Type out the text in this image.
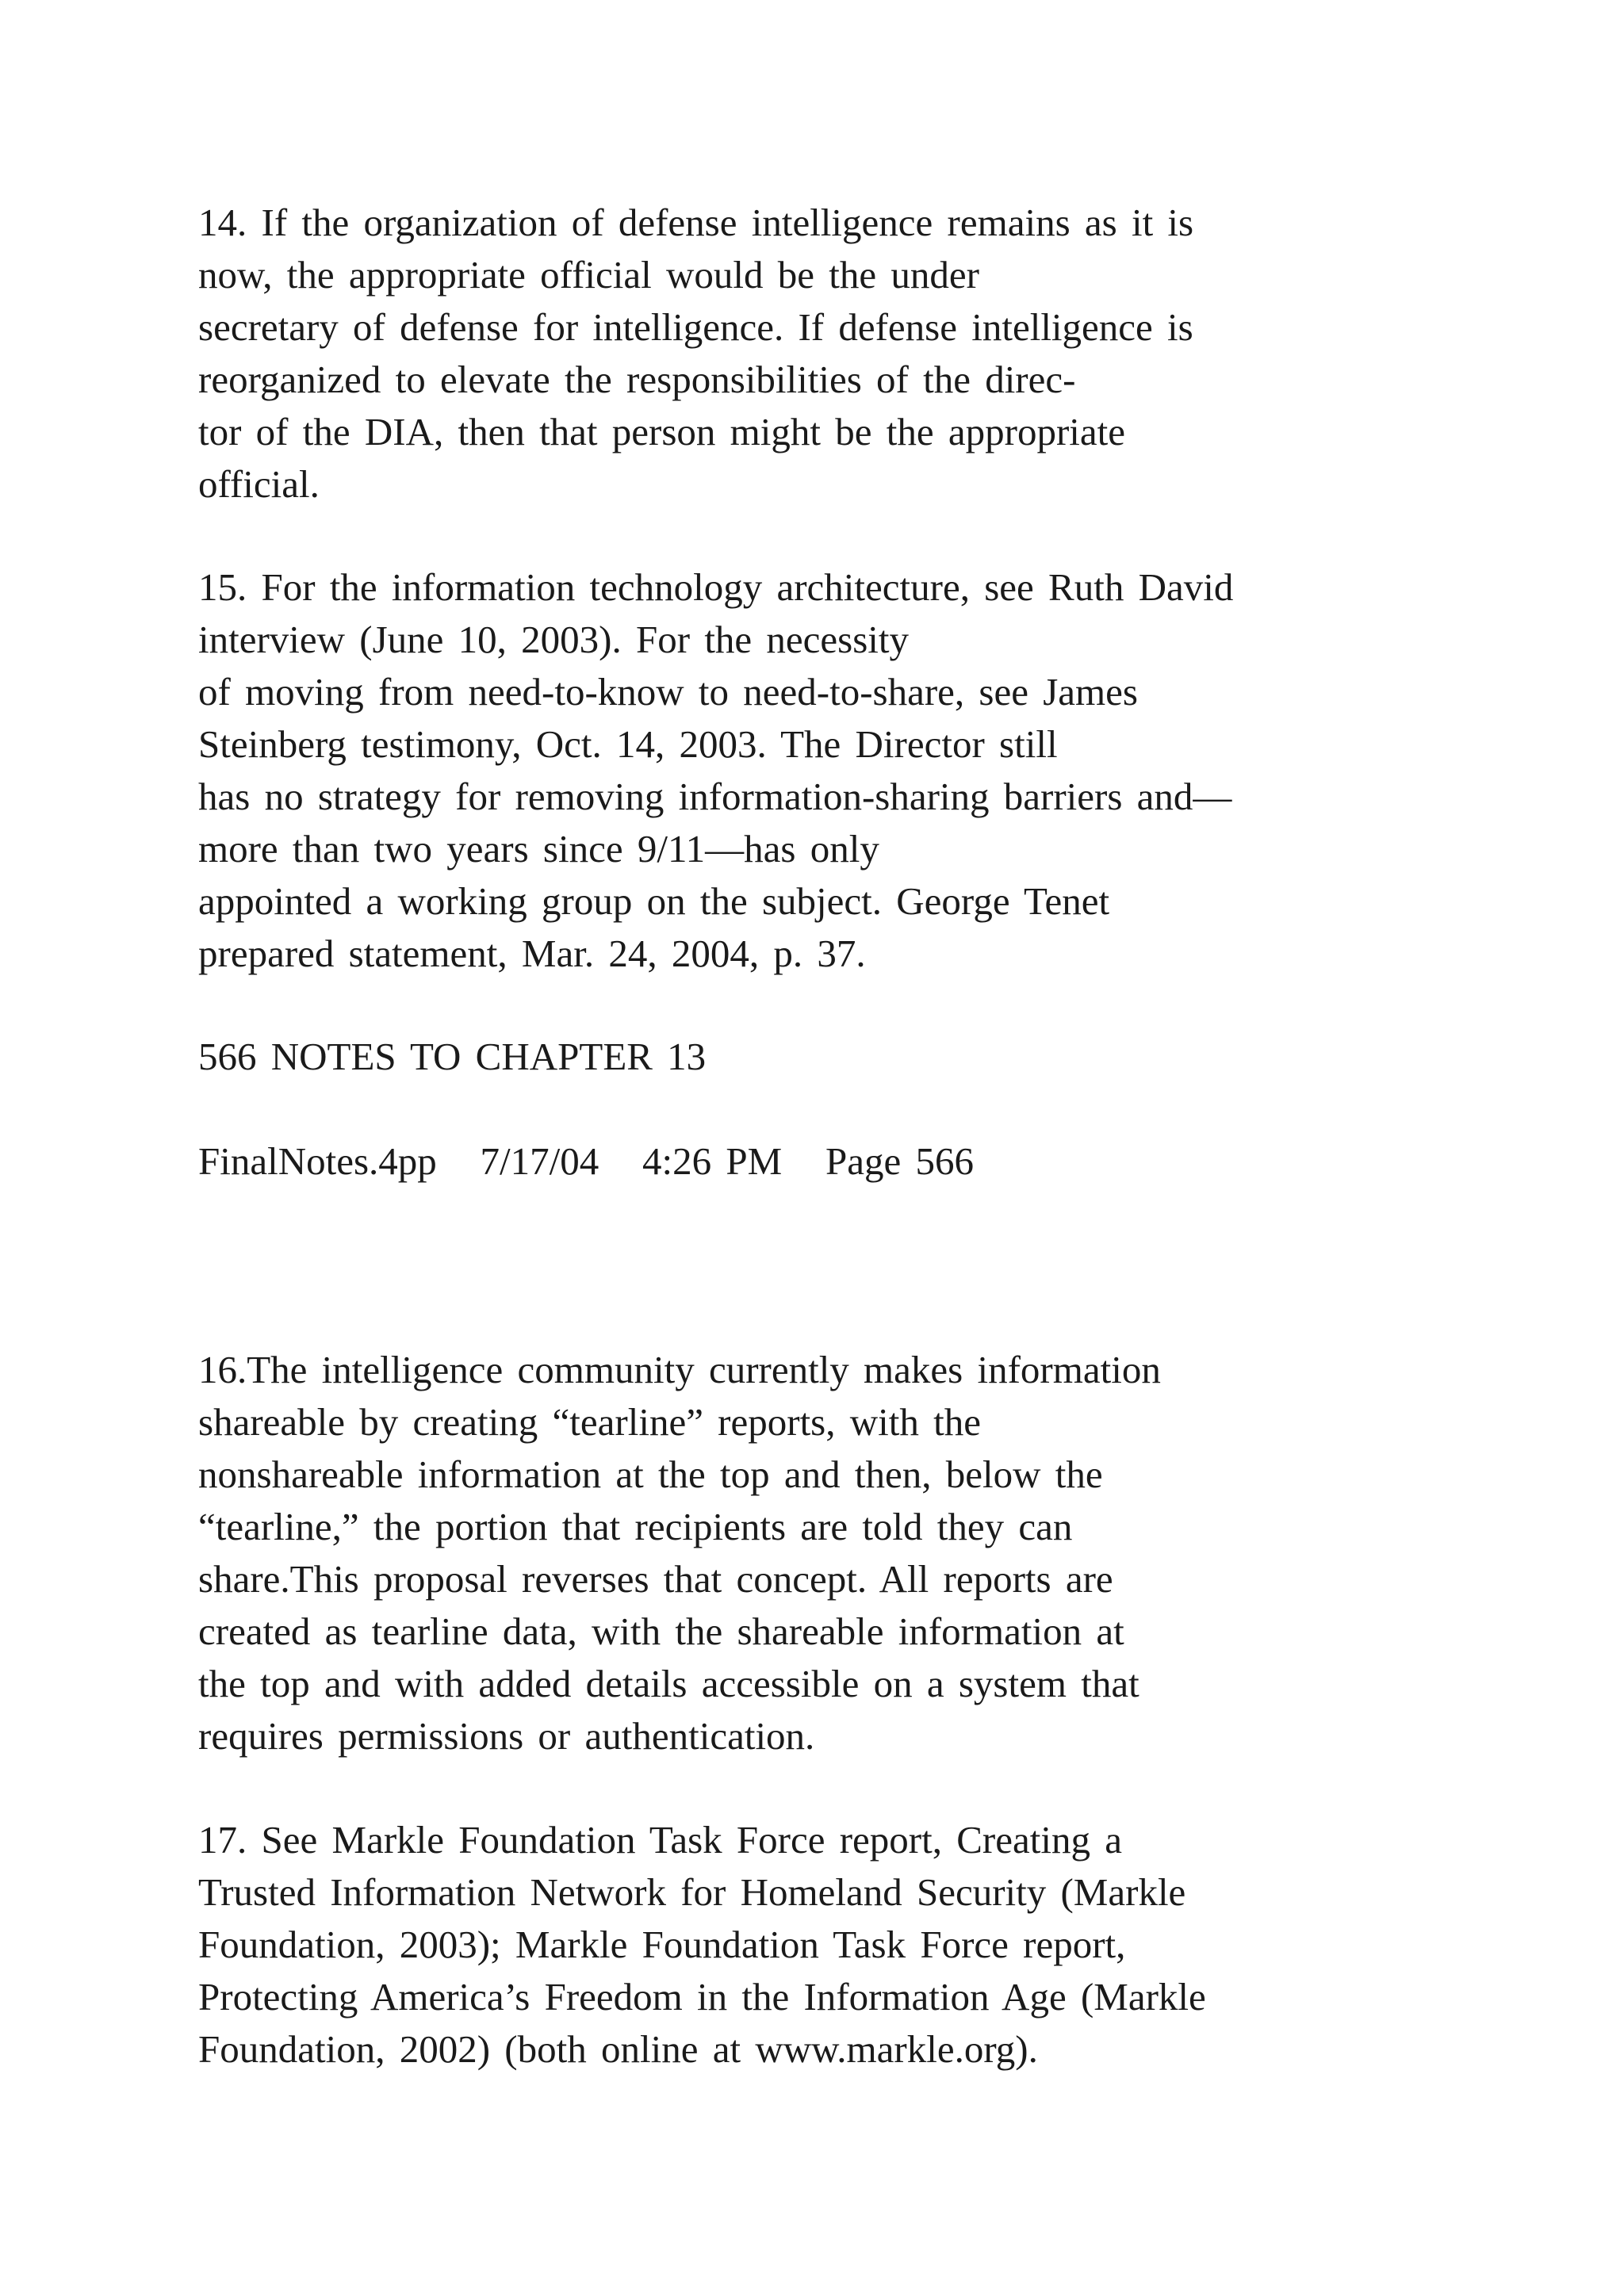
14. If the organization of defense intelligence remains as it is
now, the appropriate official would be the under
secretary of defense for intelligence. If defense intelligence is
reorganized to elevate the responsibilities of the direc-
tor of the DIA, then that person might be the appropriate
official.
15. For the information technology architecture, see Ruth David
interview (June 10, 2003). For the necessity
of moving from need-to-know to need-to-share, see James
Steinberg testimony, Oct. 14, 2003. The Director still
has no strategy for removing information-sharing barriers and—
more than two years since 9/11—has only
appointed a working group on the subject. George Tenet
prepared statement, Mar. 24, 2004, p. 37.
566 NOTES TO CHAPTER 13
FinalNotes.4pp   7/17/04   4:26 PM   Page 566
16.The intelligence community currently makes information
shareable by creating “tearline” reports, with the
nonshareable information at the top and then, below the
“tearline,” the portion that recipients are told they can
share.This proposal reverses that concept. All reports are
created as tearline data, with the shareable information at
the top and with added details accessible on a system that
requires permissions or authentication.
17. See Markle Foundation Task Force report, Creating a
Trusted Information Network for Homeland Security (Markle
Foundation, 2003); Markle Foundation Task Force report,
Protecting America’s Freedom in the Information Age (Markle
Foundation, 2002) (both online at www.markle.org).
